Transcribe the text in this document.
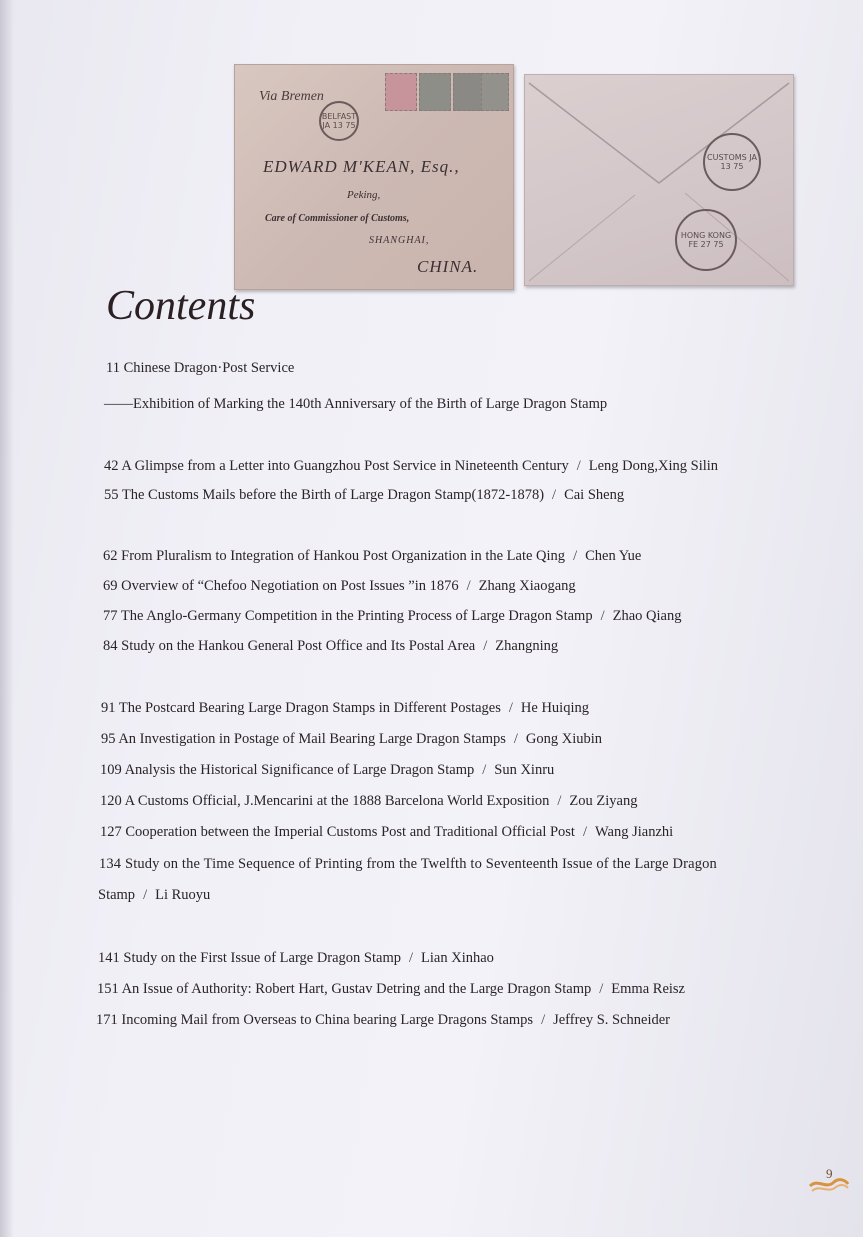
BELFAST JA 13 75
Via Bremen
EDWARD M'KEAN, Esq.,
Peking,
Care of Commissioner of Customs,
SHANGHAI,
CHINA.
CUSTOMS JA 13 75
HONG KONG FE 27 75
Contents
11 Chinese Dragon·Post Service
——Exhibition of Marking the 140th Anniversary of the Birth of Large Dragon Stamp
42 A Glimpse from a Letter into Guangzhou Post Service in Nineteenth Century / Leng Dong,Xing Silin
55 The Customs Mails before the Birth of Large Dragon Stamp(1872-1878) / Cai Sheng
62 From Pluralism to Integration of Hankou Post Organization in the Late Qing / Chen Yue
69 Overview of “Chefoo Negotiation on Post Issues ”in 1876 / Zhang Xiaogang
77 The Anglo-Germany Competition in the Printing Process of Large Dragon Stamp / Zhao Qiang
84 Study on the Hankou General Post Office and Its Postal Area / Zhangning
91 The Postcard Bearing Large Dragon Stamps in Different Postages / He Huiqing
95 An Investigation in Postage of Mail Bearing Large Dragon Stamps / Gong Xiubin
109 Analysis the Historical Significance of Large Dragon Stamp / Sun Xinru
120 A Customs Official, J.Mencarini at the 1888 Barcelona World Exposition / Zou Ziyang
127 Cooperation between the Imperial Customs Post and Traditional Official Post / Wang Jianzhi
134 Study on the Time Sequence of Printing from the Twelfth to Seventeenth Issue of the Large Dragon
Stamp / Li Ruoyu
141 Study on the First Issue of Large Dragon Stamp / Lian Xinhao
151 An Issue of Authority: Robert Hart, Gustav Detring and the Large Dragon Stamp / Emma Reisz
171 Incoming Mail from Overseas to China bearing Large Dragons Stamps / Jeffrey S. Schneider
9
